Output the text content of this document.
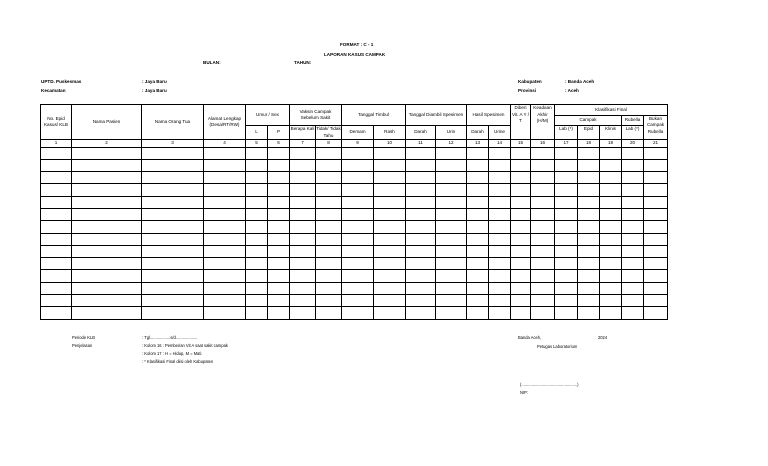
FORMAT : C - 1
LAPORAN KASUS CAMPAK
BULAN:	TAHUN:
UPTD. Puskesmas	: Jaya Baru
Kecamatan	: Jaya Baru
Kabupaten	: Banda Aceh
Provinsi	: Aceh
No. Epid Kasus/ KLB	Nama Pasien	Nama Orang Tua	Alamat Lengkap (Desa/RT/RW)	Umur / Sex		Vaksin Campak Sebelum Sakit		Tanggal Timbul		Tanggal Diambil Spesimen		Hasil Spesimen		Diberi Vit. A Y / T	Keadaan Akhir (H/M)	Klasifikasi Final				
																Campak			Rubella	Bukan Campak Rubella
				L	P	Berapa Kali	Tidak/ Tidak Tahu	Demam	Rash	Darah	Urin	Darah	Urine			Lab (*)	Epid	Klinis	Lab (*)	

1	2	3	4	5	6	7	8	9	10	11	12	13	14	15	16	17	18	19	20	21

Periode KLB	: Tgl..................s/d...................
Penjelasan	: Kolom 16 : Pemberian Vit A saat sakit campak
: Kolom 17 : H = Hidup, M = Mati
: * Klasifikasi Final diisi oleh Kabupaten
Banda Aceh,	2024
Petugas Laboratorium
(.................................................)
NIP:
